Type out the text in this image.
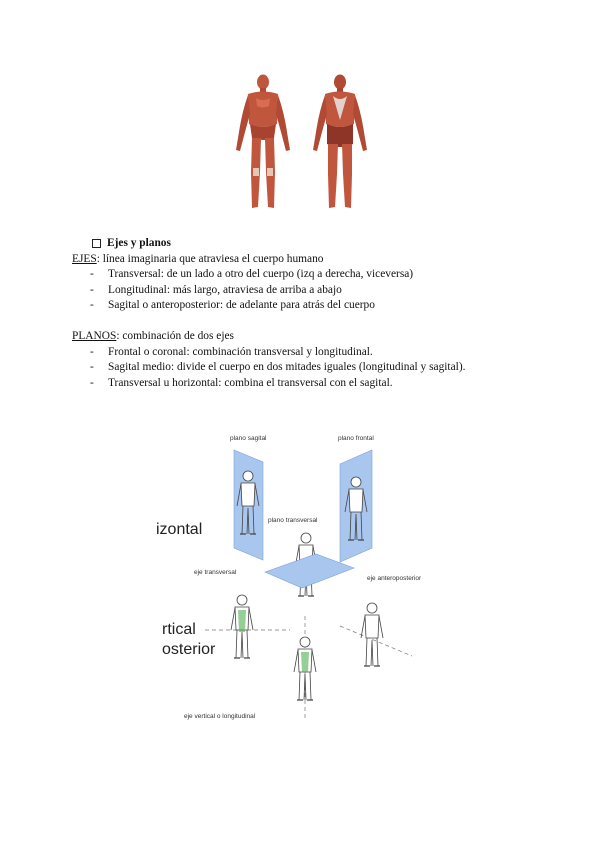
Ejes y planos
EJES: línea imaginaria que atraviesa el cuerpo humano
- Transversal: de un lado a otro del cuerpo (izq a derecha, viceversa)
- Longitudinal: más largo, atraviesa de arriba a abajo
- Sagital o anteroposterior: de adelante para atrás del cuerpo
PLANOS: combinación de dos ejes
- Frontal o coronal: combinación transversal y longitudinal.
- Sagital medio: divide el cuerpo en dos mitades iguales (longitudinal y sagital).
- Transversal u horizontal: combina el transversal con el sagital.
plano sagital	plano frontal
plano transversal
eje transversal
eje anteroposterior
eje vertical o longitudinal
izontal
rtical
osterior
